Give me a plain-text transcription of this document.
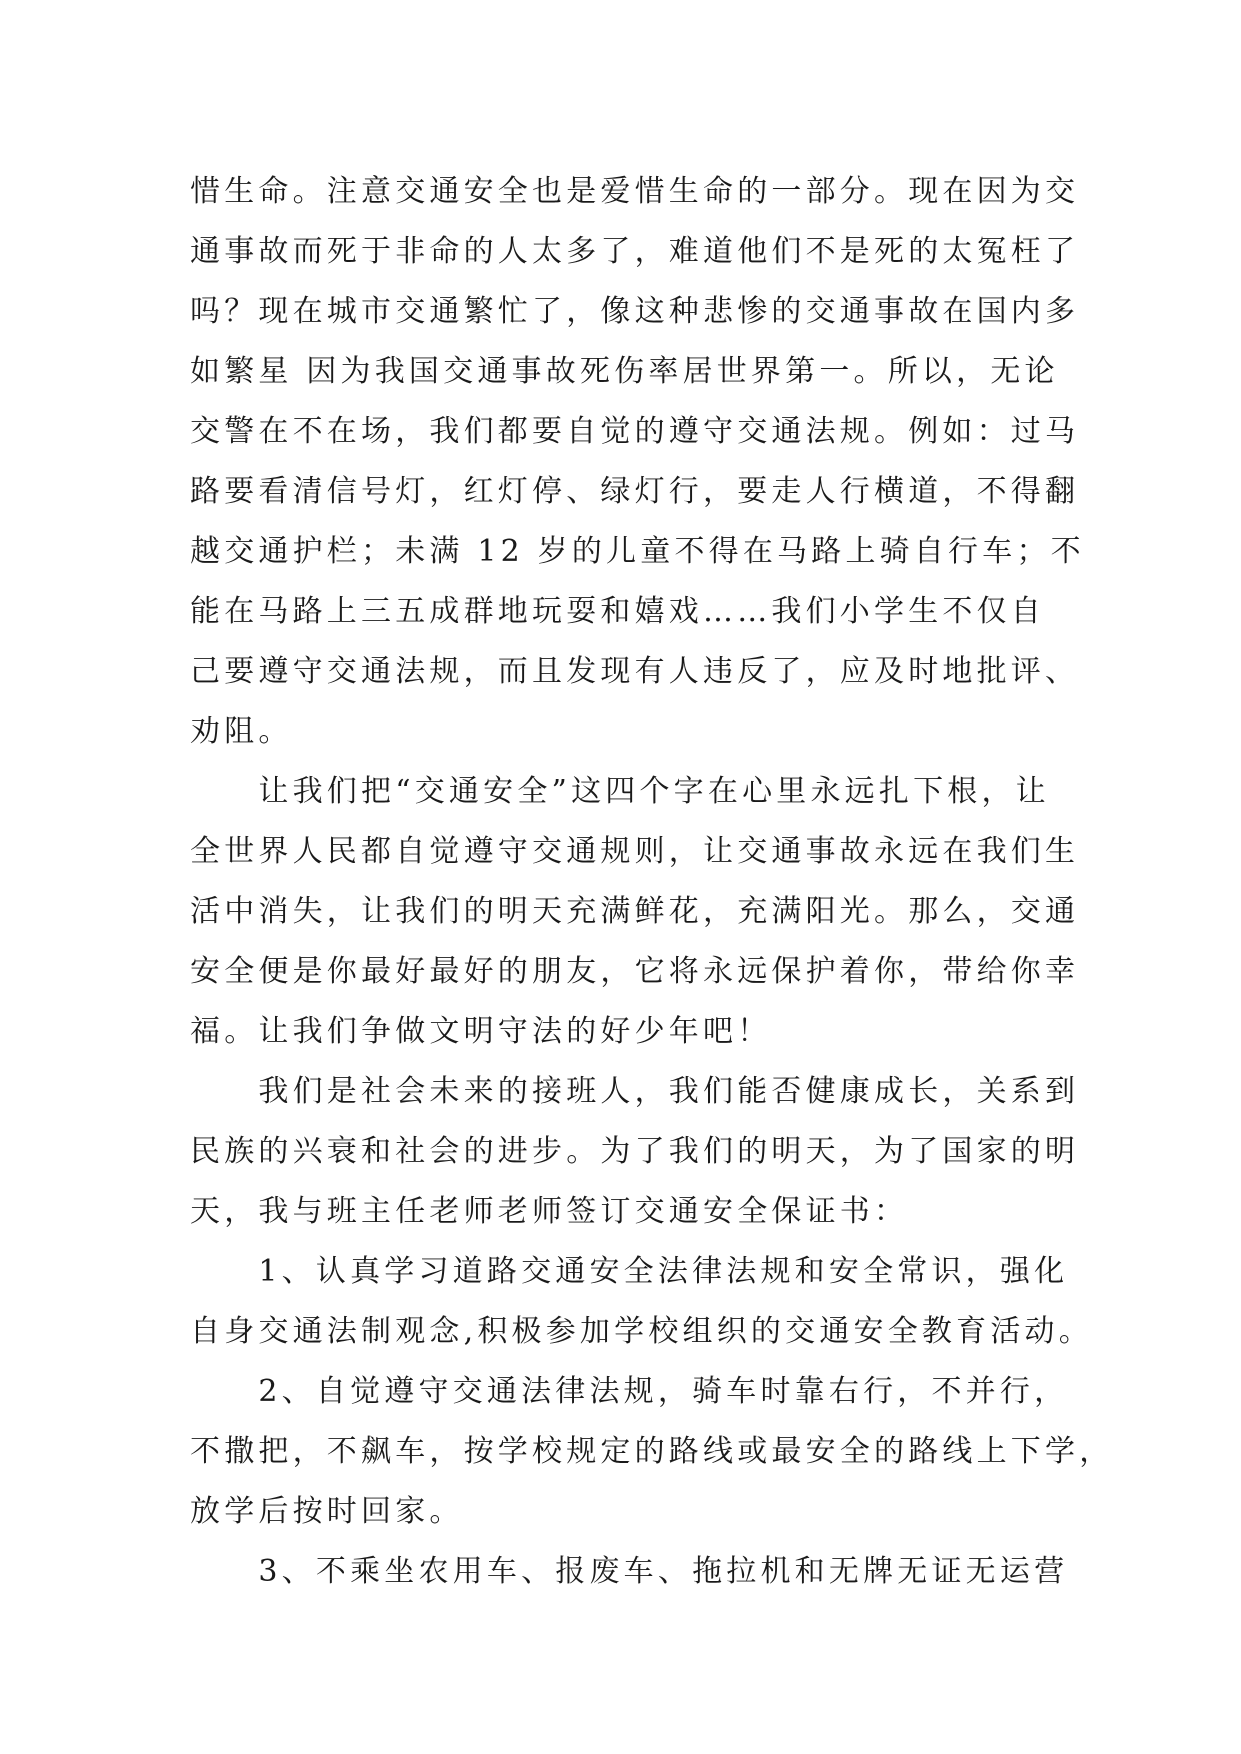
惜生命。注意交通安全也是爱惜生命的一部分。现在因为交
通事故而死于非命的人太多了，难道他们不是死的太冤枉了
吗？现在城市交通繁忙了，像这种悲惨的交通事故在国内多
如繁星 因为我国交通事故死伤率居世界第一。所以，无论
交警在不在场，我们都要自觉的遵守交通法规。例如：过马
路要看清信号灯，红灯停、绿灯行，要走人行横道，不得翻
越交通护栏；未满 12 岁的儿童不得在马路上骑自行车；不
能在马路上三五成群地玩耍和嬉戏……我们小学生不仅自
己要遵守交通法规，而且发现有人违反了，应及时地批评、
劝阻。
　　让我们把“交通安全”这四个字在心里永远扎下根，让
全世界人民都自觉遵守交通规则，让交通事故永远在我们生
活中消失，让我们的明天充满鲜花，充满阳光。那么，交通
安全便是你最好最好的朋友，它将永远保护着你，带给你幸
福。让我们争做文明守法的好少年吧！
　　我们是社会未来的接班人，我们能否健康成长，关系到
民族的兴衰和社会的进步。为了我们的明天，为了国家的明
天，我与班主任老师老师签订交通安全保证书：
　　1、认真学习道路交通安全法律法规和安全常识，强化
自身交通法制观念,积极参加学校组织的交通安全教育活动。
　　2、自觉遵守交通法律法规，骑车时靠右行，不并行，
不撒把，不飙车，按学校规定的路线或最安全的路线上下学，
放学后按时回家。
　　3、不乘坐农用车、报废车、拖拉机和无牌无证无运营
